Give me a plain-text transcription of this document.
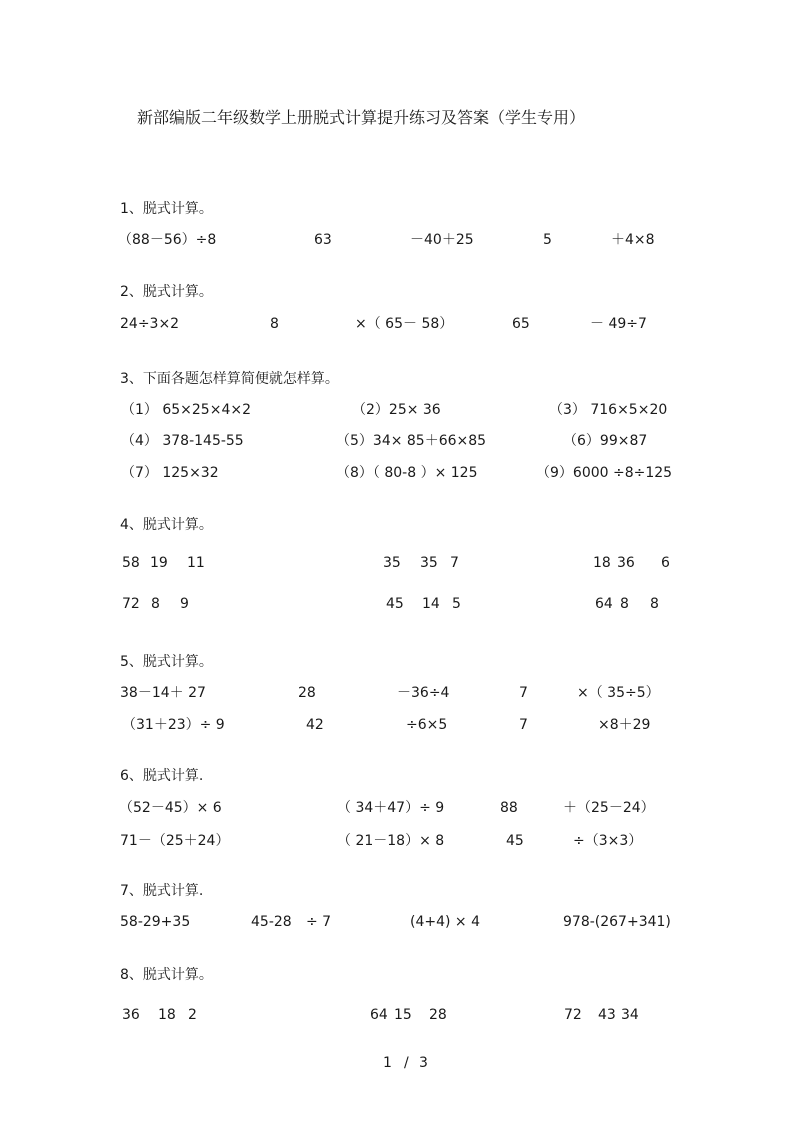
新部编版二年级数学上册脱式计算提升练习及答案（学生专用）
1、脱式计算。
（88－56）÷8	63	－40＋25	5	＋4×8
2、脱式计算。
24÷3×2	8	×（ 65－ 58）	65	－ 49÷7
3、下面各题怎样算简便就怎样算。
（1） 65×25×4×2	（2）25× 36	（3） 716×5×20
（4） 378-145-55	（5）34× 85＋66×85	（6）99×87
（7） 125×32	（8）（ 80-8 ）× 125	（9）6000 ÷8÷125
4、脱式计算。
58 19 11	35 35 7	18 36 6
72 8 9	45 14 5	64 8 8
5、脱式计算。
38－14＋ 27	28	－36÷4	7	×（ 35÷5）
（31＋23）÷ 9	42	÷6×5	7	×8＋29
6、脱式计算.
（52－45）× 6	（ 34＋47）÷ 9	88	＋（25－24）
71－（25＋24）	（ 21－18）× 8	45	÷（3×3）
7、脱式计算.
58-29+35	45-28 ÷ 7	(4+4) × 4	978-(267+341)
8、脱式计算。
36 18 2	64 15 28	72 43 34
1 / 3
